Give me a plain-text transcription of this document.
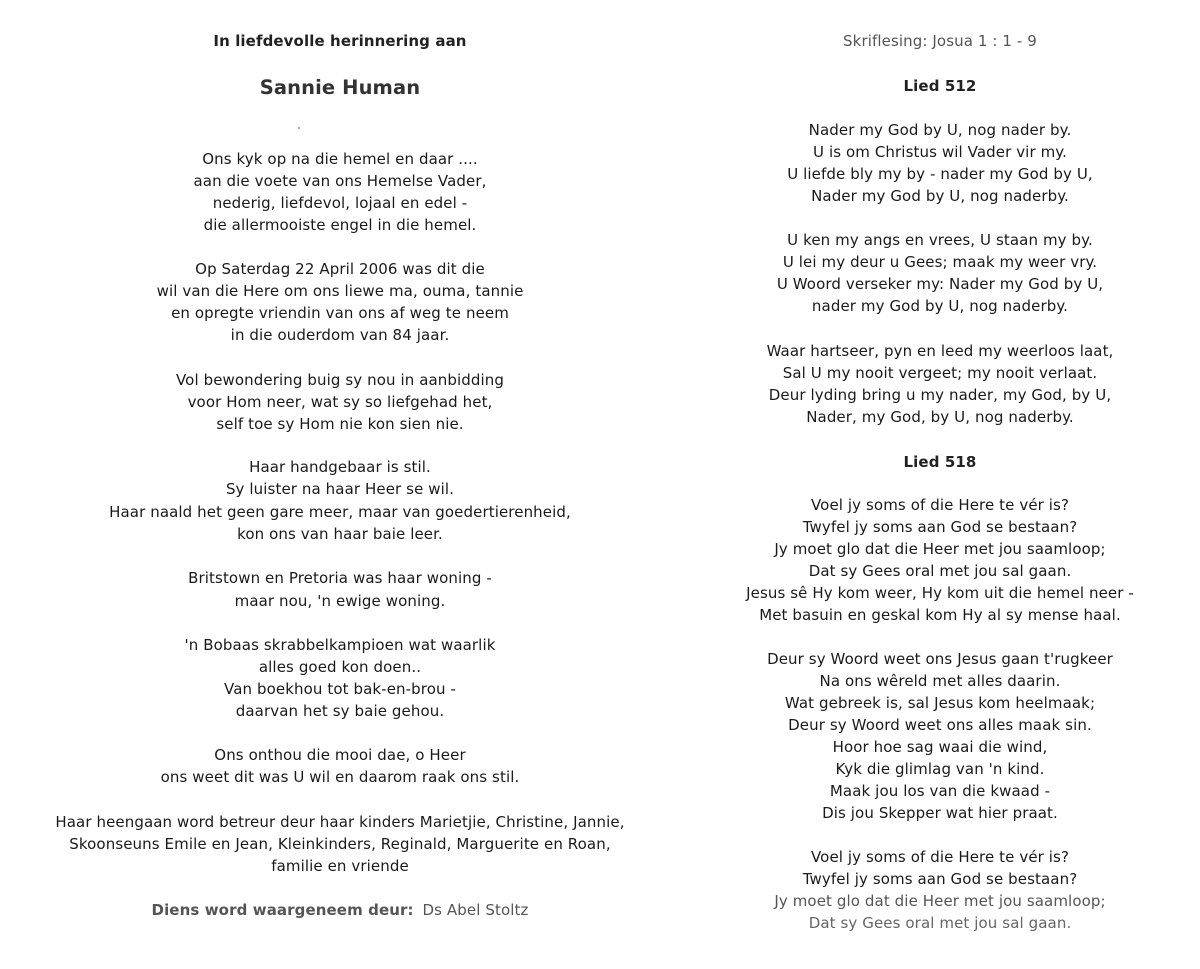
In liefdevolle herinnering aan
Sannie Human
Ons kyk op na die hemel en daar ....
aan die voete van ons Hemelse Vader,
nederig, liefdevol, lojaal en edel -
die allermooiste engel in die hemel.
Op Saterdag 22 April 2006 was dit die
wil van die Here om ons liewe ma, ouma, tannie
en opregte vriendin van ons af weg te neem
in die ouderdom van 84 jaar.
Vol bewondering buig sy nou in aanbidding
voor Hom neer, wat sy so liefgehad het,
self toe sy Hom nie kon sien nie.
Haar handgebaar is stil.
Sy luister na haar Heer se wil.
Haar naald het geen gare meer, maar van goedertierenheid,
kon ons van haar baie leer.
Britstown en Pretoria was haar woning -
maar nou, 'n ewige woning.
'n Bobaas skrabbelkampioen wat waarlik
alles goed kon doen..
Van boekhou tot bak-en-brou -
daarvan het sy baie gehou.
Ons onthou die mooi dae, o Heer
ons weet dit was U wil en daarom raak ons stil.
Haar heengaan word betreur deur haar kinders Marietjie, Christine, Jannie,
Skoonseuns Emile en Jean, Kleinkinders, Reginald, Marguerite en Roan,
familie en vriende
Diens word waargeneem deur: Ds Abel Stoltz
Skriflesing: Josua 1 : 1 - 9
Lied 512
Nader my God by U, nog nader by.
U is om Christus wil Vader vir my.
U liefde bly my by - nader my God by U,
Nader my God by U, nog naderby.
U ken my angs en vrees, U staan my by.
U lei my deur u Gees; maak my weer vry.
U Woord verseker my: Nader my God by U,
nader my God by U, nog naderby.
Waar hartseer, pyn en leed my weerloos laat,
Sal U my nooit vergeet; my nooit verlaat.
Deur lyding bring u my nader, my God, by U,
Nader, my God, by U, nog naderby.
Lied 518
Voel jy soms of die Here te vér is?
Twyfel jy soms aan God se bestaan?
Jy moet glo dat die Heer met jou saamloop;
Dat sy Gees oral met jou sal gaan.
Jesus sê Hy kom weer, Hy kom uit die hemel neer -
Met basuin en geskal kom Hy al sy mense haal.
Deur sy Woord weet ons Jesus gaan t'rugkeer
Na ons wêreld met alles daarin.
Wat gebreek is, sal Jesus kom heelmaak;
Deur sy Woord weet ons alles maak sin.
Hoor hoe sag waai die wind,
Kyk die glimlag van 'n kind.
Maak jou los van die kwaad -
Dis jou Skepper wat hier praat.
Voel jy soms of die Here te vér is?
Twyfel jy soms aan God se bestaan?
Jy moet glo dat die Heer met jou saamloop;
Dat sy Gees oral met jou sal gaan.
